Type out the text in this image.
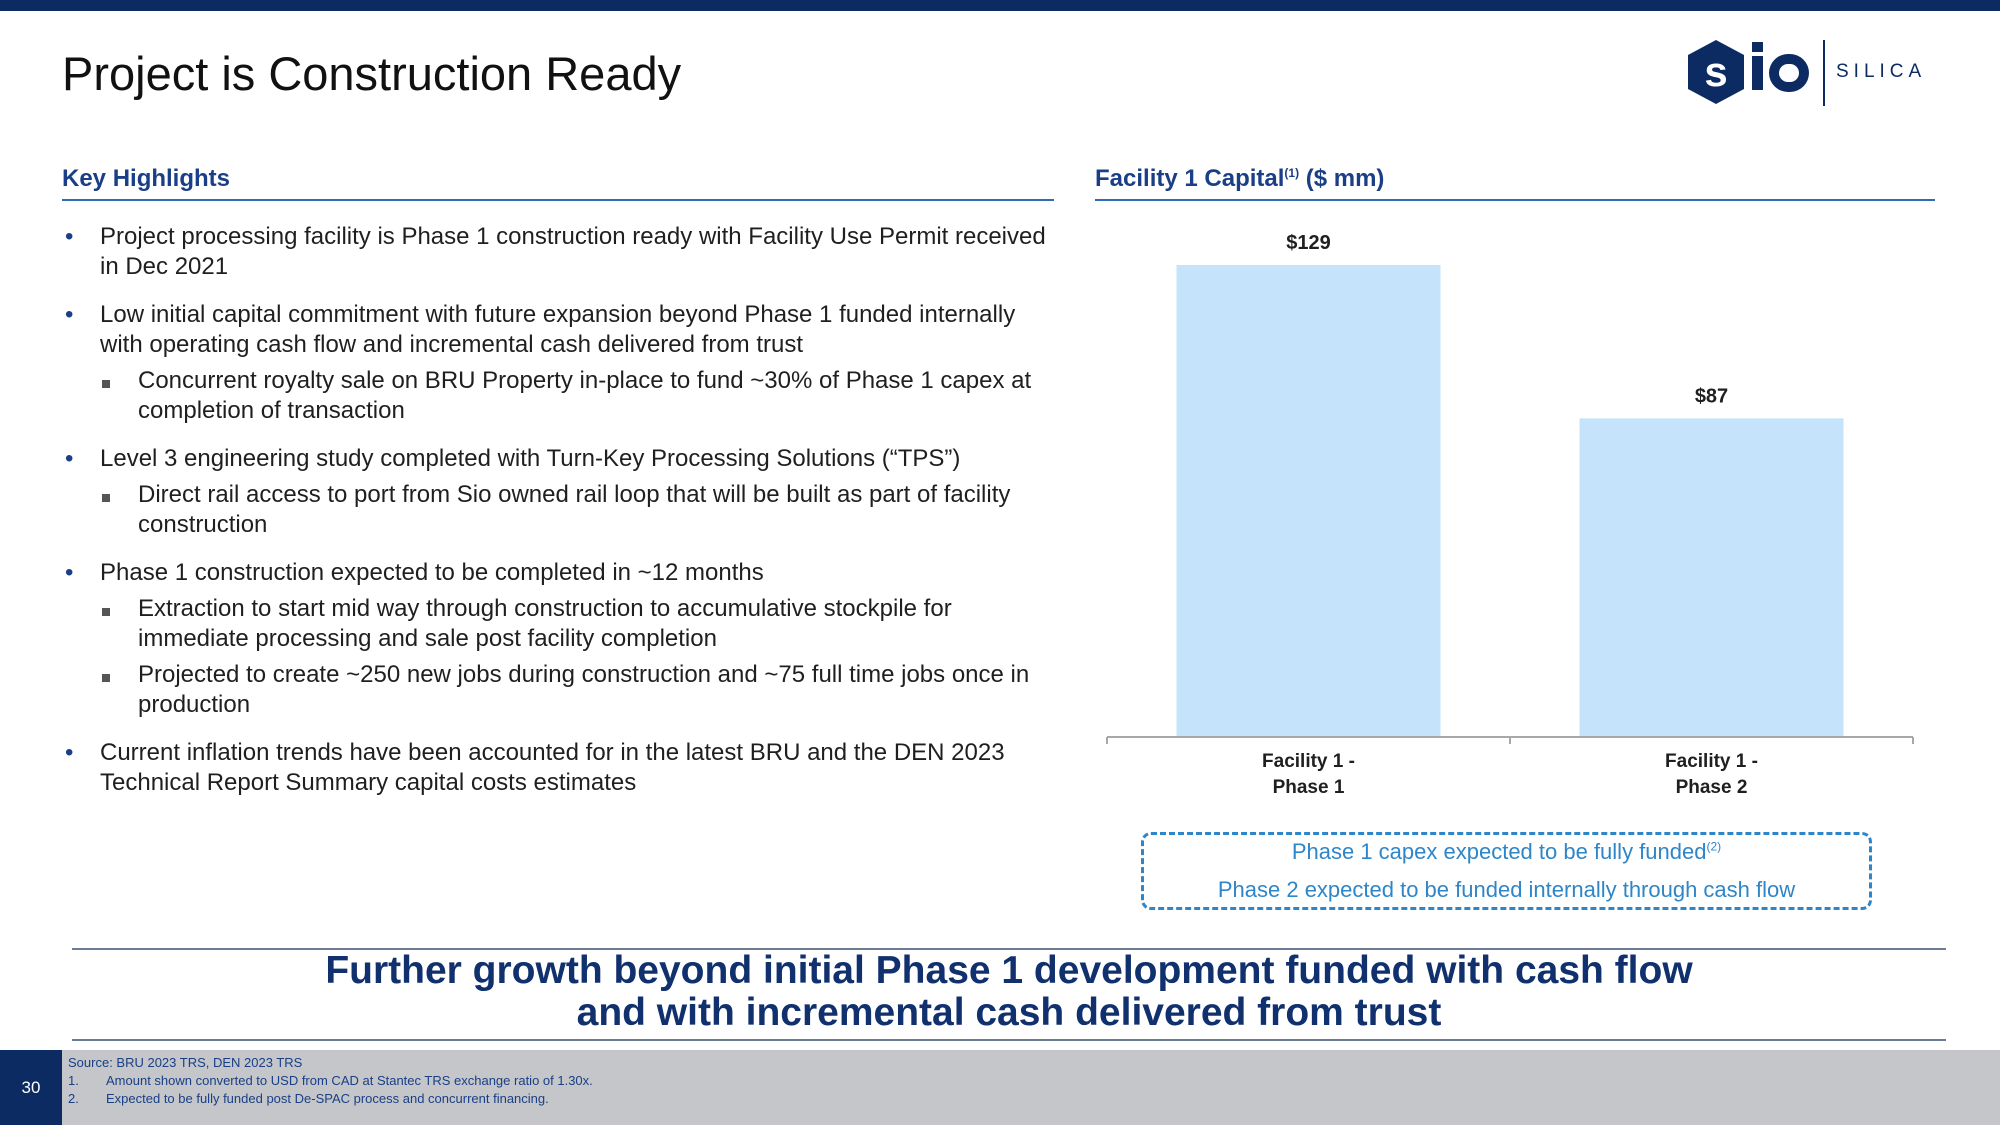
Project is Construction Ready	s	SILICA
Key Highlights	Facility 1 Capital$^{(1)}$ ($ mm)
• Project processing facility is Phase 1 construction ready with Facility Use Permit received in Dec 2021
• Low initial capital commitment with future expansion beyond Phase 1 funded internally with operating cash flow and incremental cash delivered from trust
Concurrent royalty sale on BRU Property in-place to fund ~30% of Phase 1 capex at completion of transaction
• Level 3 engineering study completed with Turn-Key Processing Solutions (“TPS”)
Direct rail access to port from Sio owned rail loop that will be built as part of facility construction
• Phase 1 construction expected to be completed in ~12 months
Extraction to start mid way through construction to accumulative stockpile for immediate processing and sale post facility completion
Projected to create ~250 new jobs during construction and ~75 full time jobs once in production
• Current inflation trends have been accounted for in the latest BRU and the DEN 2023 Technical Report Summary capital costs estimates
$129
Facility 1 -
Phase 1
$87
Facility 1 -
Phase 2
Phase 1 capex expected to be fully funded$^{(2)}$
Phase 2 expected to be funded internally through cash flow
Further growth beyond initial Phase 1 development funded with cash flow
and with incremental cash delivered from trust
30
Source: BRU 2023 TRS, DEN 2023 TRS
1. Amount shown converted to USD from CAD at Stantec TRS exchange ratio of 1.30x.
2. Expected to be fully funded post De-SPAC process and concurrent financing.
